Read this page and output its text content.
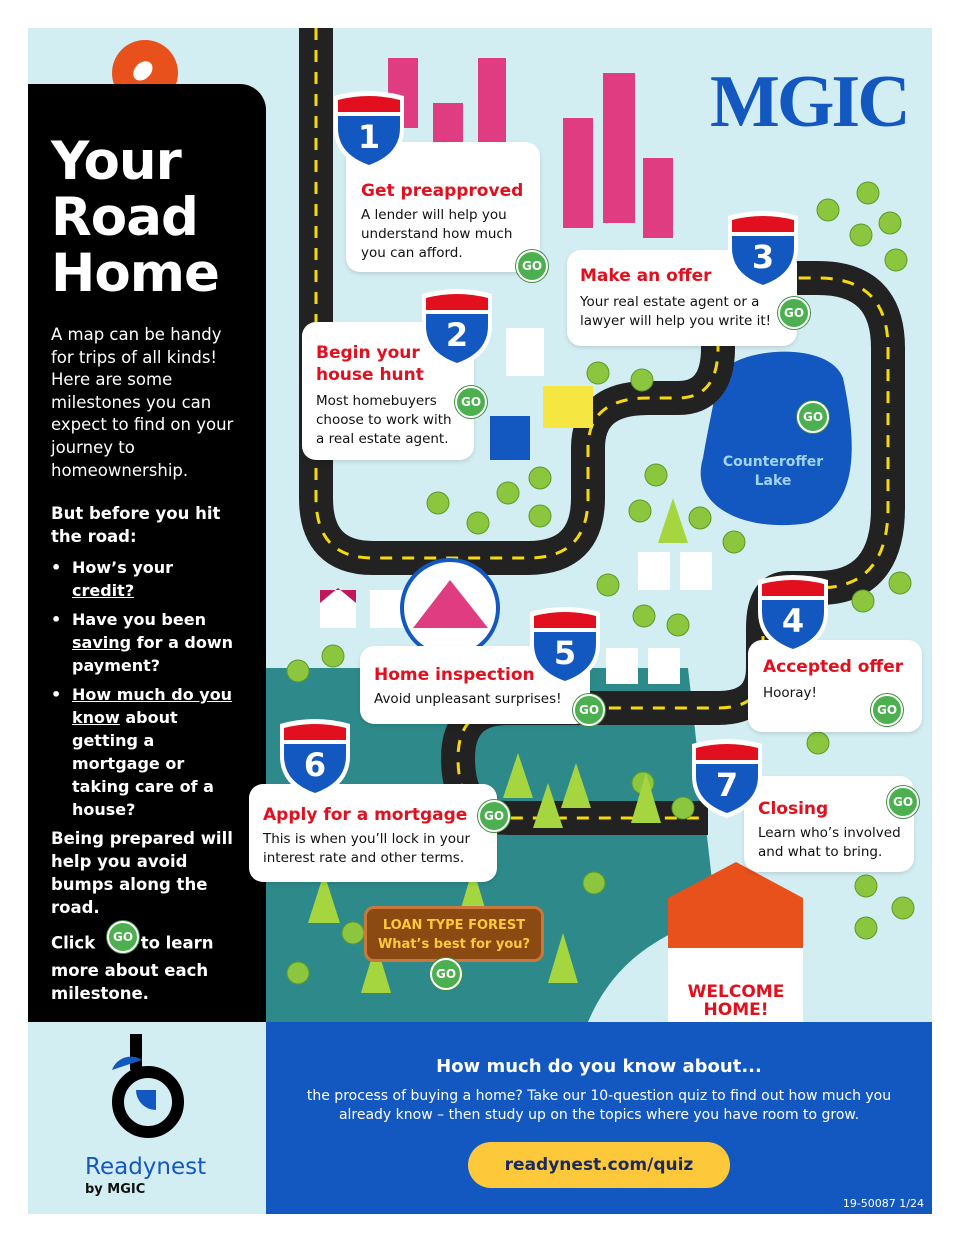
MGIC
Counteroffer Lake
GO
LOAN TYPE FOREST
What’s best for you?
GO
WELCOME HOME!
Your
Road
Home
A map can be handy for trips of all kinds! Here are some milestones you can expect to find on your journey to homeownership.
But before you hit the road:
• How’s your credit?
• Have you been saving for a down payment?
• How much do you know about getting a mortgage or taking care of a house?
Being prepared will help you avoid bumps along the road.
Click	to learn more about each milestone.
GO
Get preapproved

A lender will help you understand how much you can afford.

Begin your house hunt

Most homebuyers choose to work with a real estate agent.

Make an offer

Your real estate agent or a lawyer will help you write it!

Accepted offer

Hooray!

Home inspection

Avoid unpleasant surprises!

Apply for a mortgage

This is when you’ll lock in your interest rate and other terms.

Closing

Learn who’s involved and what to bring.

1
2
3
4
5
6
7
GO
GO
GO
GO
GO
GO
GO
Readynest
by MGIC
How much do you know about...
the process of buying a home? Take our 10-question quiz to find out how much you already know – then study up on the topics where you have room to grow.
readynest.com/quiz
19-50087 1/24
